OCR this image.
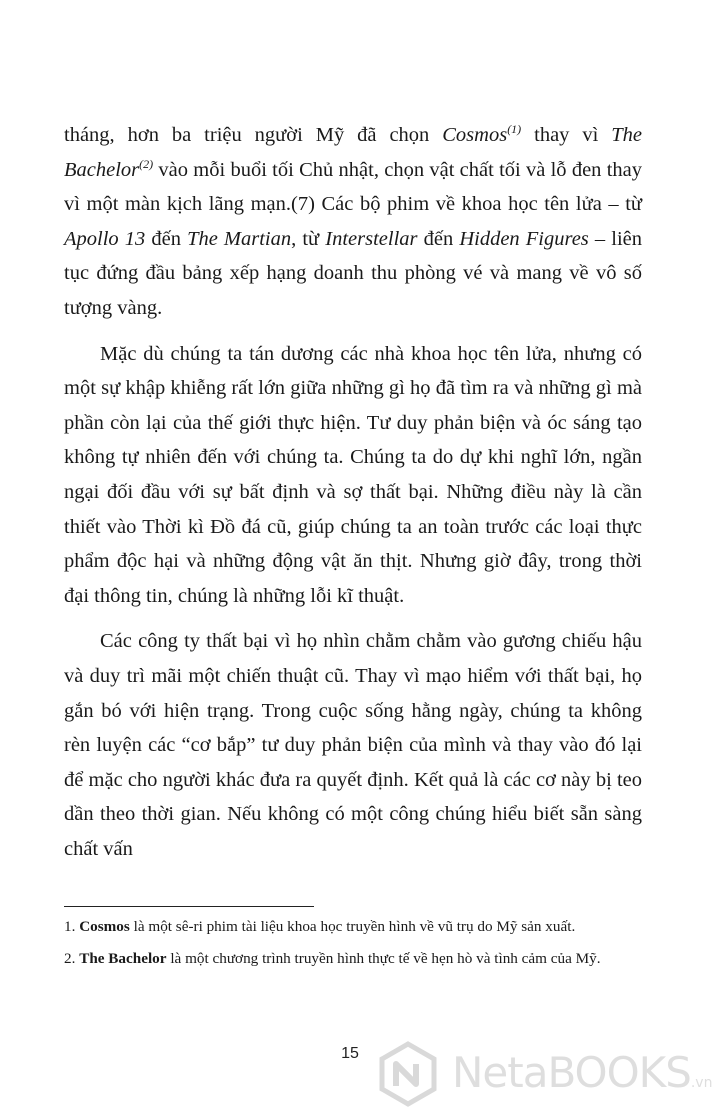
tháng, hơn ba triệu người Mỹ đã chọn Cosmos$^{(1)}$ thay vì The Bachelor$^{(2)}$ vào mỗi buổi tối Chủ nhật, chọn vật chất tối và lỗ đen thay vì một màn kịch lãng mạn.(7) Các bộ phim về khoa học tên lửa – từ Apollo 13 đến The Martian, từ Interstellar đến Hidden Figures – liên tục đứng đầu bảng xếp hạng doanh thu phòng vé và mang về vô số tượng vàng.

Mặc dù chúng ta tán dương các nhà khoa học tên lửa, nhưng có một sự khập khiễng rất lớn giữa những gì họ đã tìm ra và những gì mà phần còn lại của thế giới thực hiện. Tư duy phản biện và óc sáng tạo không tự nhiên đến với chúng ta. Chúng ta do dự khi nghĩ lớn, ngần ngại đối đầu với sự bất định và sợ thất bại. Những điều này là cần thiết vào Thời kì Đồ đá cũ, giúp chúng ta an toàn trước các loại thực phẩm độc hại và những động vật ăn thịt. Nhưng giờ đây, trong thời đại thông tin, chúng là những lỗi kĩ thuật.

Các công ty thất bại vì họ nhìn chằm chằm vào gương chiếu hậu và duy trì mãi một chiến thuật cũ. Thay vì mạo hiểm với thất bại, họ gắn bó với hiện trạng. Trong cuộc sống hằng ngày, chúng ta không rèn luyện các “cơ bắp” tư duy phản biện của mình và thay vào đó lại để mặc cho người khác đưa ra quyết định. Kết quả là các cơ này bị teo dần theo thời gian. Nếu không có một công chúng hiểu biết sẵn sàng chất vấn

1. Cosmos là một sê-ri phim tài liệu khoa học truyền hình về vũ trụ do Mỹ sản xuất.

2. The Bachelor là một chương trình truyền hình thực tế về hẹn hò và tình cảm của Mỹ.

15	NetaBOOKS.vn
